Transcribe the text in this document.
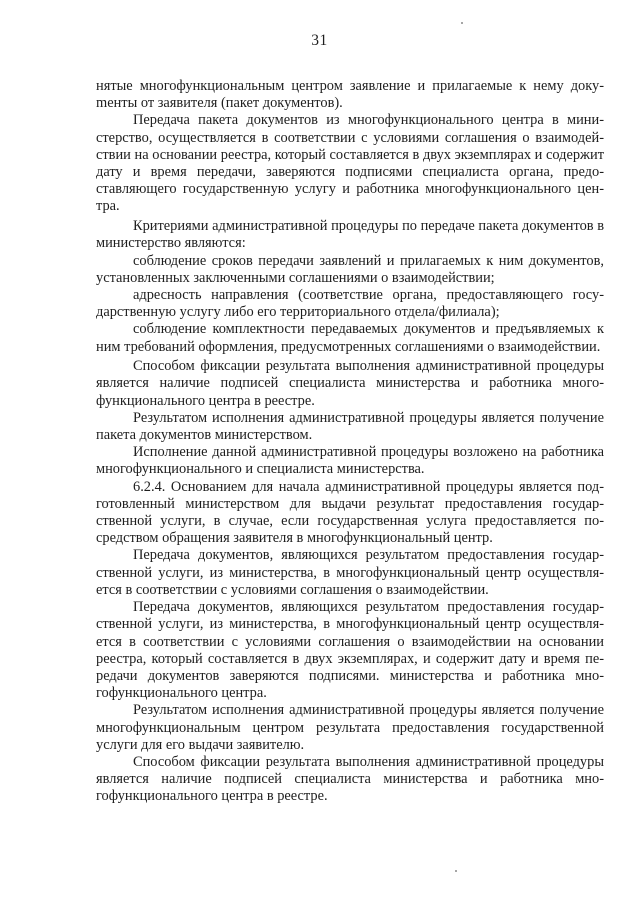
31

нятые многофункциональным центром заявление и прилагаемые к нему докуmенты от заявителя (пакет документов).

Передача пакета документов из многофункционального центра в министерство, осуществляется в соответствии с условиями соглашения о взаимодействии на основании реестра, который составляется в двух экземплярах и содержит дату и время передачи, заверяются подписями специалиста органа, предоставляющего государственную услугу и работника многофункционального центра.

Критериями административной процедуры по передаче пакета документов в министерство являются:

соблюдение сроков передачи заявлений и прилагаемых к ним документов, установленных заключенными соглашениями о взаимодействии;

адресность направления (соответствие органа, предоставляющего государственную услугу либо его территориального отдела/филиала);

соблюдение комплектности передаваемых документов и предъявляемых к ним требований оформления, предусмотренных соглашениями о взаимодействии.

Способом фиксации результата выполнения административной процедуры является наличие подписей специалиста министерства и работника многофункционального центра в реестре.

Результатом исполнения административной процедуры является получение пакета документов министерством.

Исполнение данной административной процедуры возложено на работника многофункционального и специалиста министерства.

6.2.4. Основанием для начала административной процедуры является подготовленный министерством для выдачи результат предоставления государственной услуги, в случае, если государственная услуга предоставляется посредством обращения заявителя в многофункциональный центр.

Передача документов, являющихся результатом предоставления государственной услуги, из министерства, в многофункциональный центр осуществляется в соответствии с условиями соглашения о взаимодействии.

Передача документов, являющихся результатом предоставления государственной услуги, из министерства, в многофункциональный центр осуществляется в соответствии с условиями соглашения о взаимодействии на основании реестра, который составляется в двух экземплярах, и содержит дату и время передачи документов заверяются подписями. министерства и работника многофункционального центра.

Результатом исполнения административной процедуры является получение многофункциональным центром результата предоставления государственной услуги для его выдачи заявителю.

Способом фиксации результата выполнения административной процедуры является наличие подписей специалиста министерства и работника многофункционального центра в реестре.
